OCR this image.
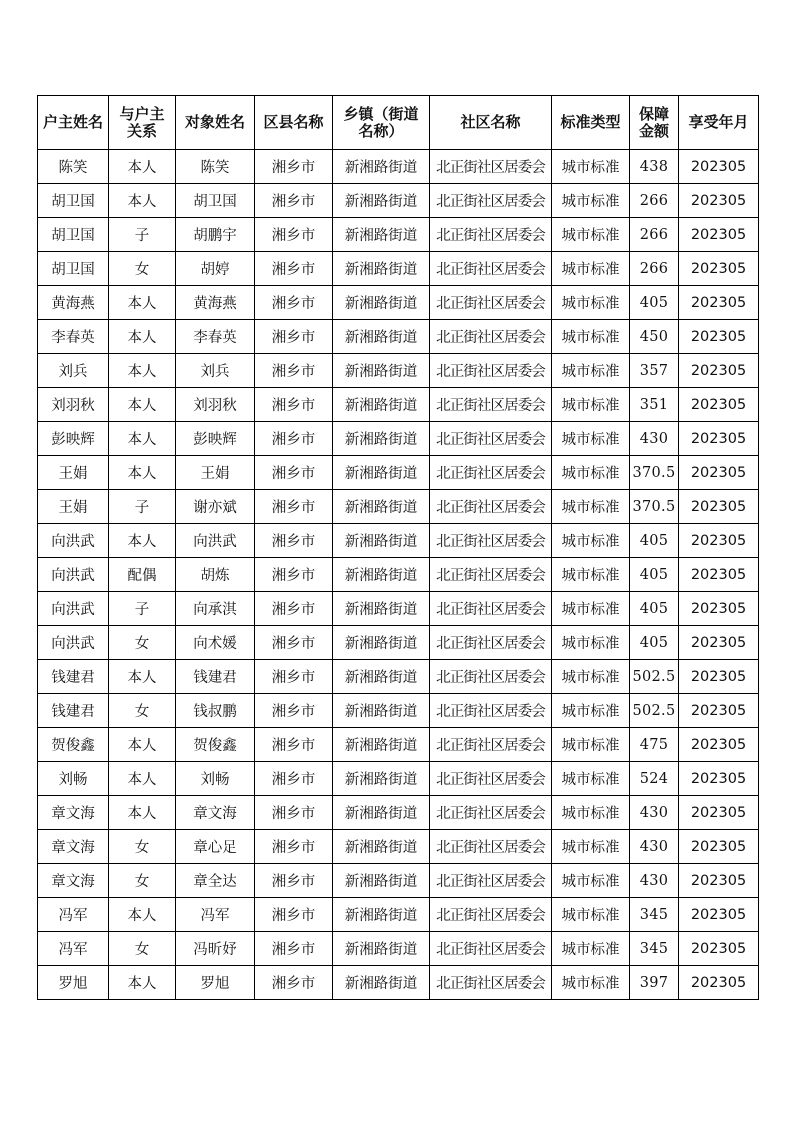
户主姓名	与户主关系	对象姓名	区县名称	乡镇（街道名称）	社区名称	标准类型	保障金额	享受年月
陈笑	本人	陈笑	湘乡市	新湘路街道	北正街社区居委会	城市标准	438	202305
胡卫国	本人	胡卫国	湘乡市	新湘路街道	北正街社区居委会	城市标准	266	202305
胡卫国	子	胡鹏宇	湘乡市	新湘路街道	北正街社区居委会	城市标准	266	202305
胡卫国	女	胡婷	湘乡市	新湘路街道	北正街社区居委会	城市标准	266	202305
黄海燕	本人	黄海燕	湘乡市	新湘路街道	北正街社区居委会	城市标准	405	202305
李春英	本人	李春英	湘乡市	新湘路街道	北正街社区居委会	城市标准	450	202305
刘兵	本人	刘兵	湘乡市	新湘路街道	北正街社区居委会	城市标准	357	202305
刘羽秋	本人	刘羽秋	湘乡市	新湘路街道	北正街社区居委会	城市标准	351	202305
彭映辉	本人	彭映辉	湘乡市	新湘路街道	北正街社区居委会	城市标准	430	202305
王娟	本人	王娟	湘乡市	新湘路街道	北正街社区居委会	城市标准	370.5	202305
王娟	子	谢亦斌	湘乡市	新湘路街道	北正街社区居委会	城市标准	370.5	202305
向洪武	本人	向洪武	湘乡市	新湘路街道	北正街社区居委会	城市标准	405	202305
向洪武	配偶	胡炼	湘乡市	新湘路街道	北正街社区居委会	城市标准	405	202305
向洪武	子	向承淇	湘乡市	新湘路街道	北正街社区居委会	城市标准	405	202305
向洪武	女	向术媛	湘乡市	新湘路街道	北正街社区居委会	城市标准	405	202305
钱建君	本人	钱建君	湘乡市	新湘路街道	北正街社区居委会	城市标准	502.5	202305
钱建君	女	钱叔鹏	湘乡市	新湘路街道	北正街社区居委会	城市标准	502.5	202305
贺俊鑫	本人	贺俊鑫	湘乡市	新湘路街道	北正街社区居委会	城市标准	475	202305
刘畅	本人	刘畅	湘乡市	新湘路街道	北正街社区居委会	城市标准	524	202305
章文海	本人	章文海	湘乡市	新湘路街道	北正街社区居委会	城市标准	430	202305
章文海	女	章心足	湘乡市	新湘路街道	北正街社区居委会	城市标准	430	202305
章文海	女	章全达	湘乡市	新湘路街道	北正街社区居委会	城市标准	430	202305
冯军	本人	冯军	湘乡市	新湘路街道	北正街社区居委会	城市标准	345	202305
冯军	女	冯昕妤	湘乡市	新湘路街道	北正街社区居委会	城市标准	345	202305
罗旭	本人	罗旭	湘乡市	新湘路街道	北正街社区居委会	城市标准	397	202305
